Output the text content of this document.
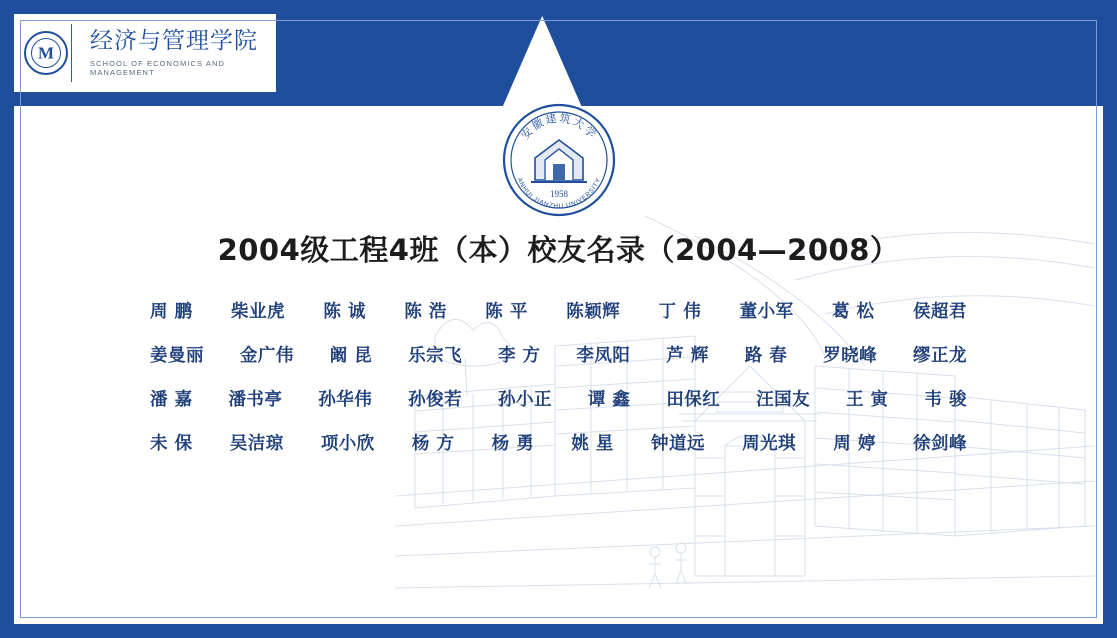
M	经济与管理学院
SCHOOL OF ECONOMICS AND MANAGEMENT
安徽建筑大学
ANHUI JIANZHU UNIVERSITY
1958
2004级工程4班（本）校友名录（2004—2008）
周 鹏 柴业虎 陈 诚 陈 浩 陈 平 陈颖辉 丁 伟 董小军 葛 松 侯超君
姜曼丽 金广伟 阚 昆 乐宗飞 李 方 李凤阳 芦 辉 路 春 罗晓峰 缪正龙
潘 嘉 潘书亭 孙华伟 孙俊若 孙小正 谭 鑫 田保红 汪国友 王 寅 韦 骏
未 保 吴洁琼 项小欣 杨 方 杨 勇 姚 星 钟道远 周光琪 周 婷 徐剑峰
